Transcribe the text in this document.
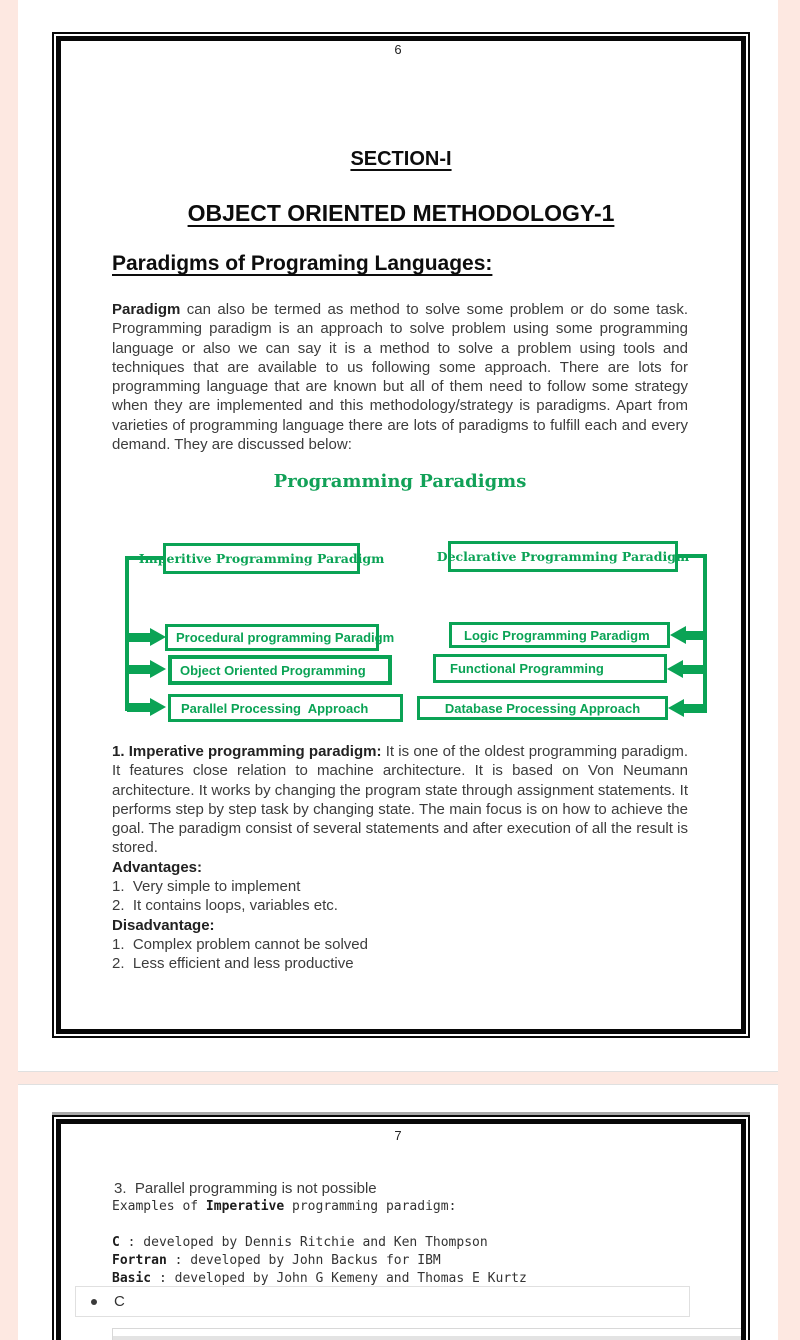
6
SECTION-I
OBJECT ORIENTED METHODOLOGY-1
Paradigms of Programing Languages:
Paradigm can also be termed as method to solve some problem or do some task. Programming paradigm is an approach to solve problem using some programming language or also we can say it is a method to solve a problem using tools and techniques that are available to us following some approach. There are lots for programming language that are known but all of them need to follow some strategy when they are implemented and this methodology/strategy is paradigms. Apart from varieties of programming language there are lots of paradigms to fulfill each and every demand. They are discussed below:
Programming Paradigms
Imperitive Programming Paradigm
Procedural programming Paradigm
Object Oriented Programming
Parallel Processing  Approach
Declarative Programming Paradigm
Logic Programming Paradigm
Functional Programming
Database Processing Approach
1. Imperative programming paradigm: It is one of the oldest programming paradigm. It features close relation to machine architecture. It is based on Von Neumann architecture. It works by changing the program state through assignment statements. It performs step by step task by changing state. The main focus is on how to achieve the goal. The paradigm consist of several statements and after execution of all the result is stored.
Advantages:
1.  Very simple to implement
2.  It contains loops, variables etc.
Disadvantage:
1.  Complex problem cannot be solved
2.  Less efficient and less productive
7
3.  Parallel programming is not possible
Examples of Imperative programming paradigm:
C : developed by Dennis Ritchie and Ken Thompson
Fortran : developed by John Backus for IBM
Basic : developed by John G Kemeny and Thomas E Kurtz
C
